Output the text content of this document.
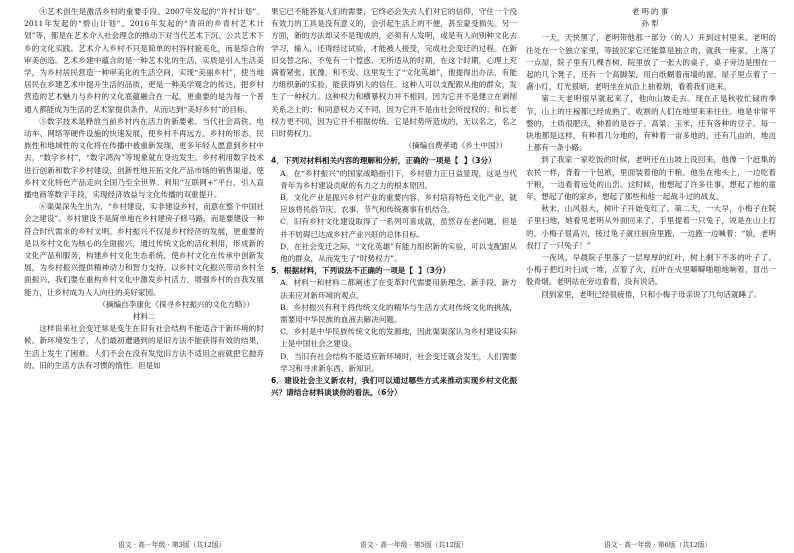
④艺术创生是激活乡村的重要手段。2007年发起的“许村计划”、2011年发起的“碧山计划”、2016年发起的“青田的乡青村艺术计划”等，都是在艺术介入社会理念的推动下对当代艺术下沉、公共艺术下乡的文化实践。艺术介入乡村不只是简单的村容村貌美化，而是综合的审美创造。艺术乡建中蕴含的是一种艺术化的生活，实质是引入生活美学，为乡村居民营造一种审美化的生活空间，实现“美丽乡村”，使当地居民在乡建艺术中提升生活的品质，更是一种美学观念的传达，把乡村营造的艺术魅力与乡村的文化底蕴融合在一起，更重要的是为每一个普通人都能成为生活的艺术家提供条件，从而达到“美好乡村”的目标。

⑤数字技术是释放当前乡村内在活力的新要素。当代社会高铁、电动车、网络等硬件设施的快速发展，使乡村不再远方。乡村的形态，民族性和地域性的文化将在传播中被重新发现，更多年轻人愿意到乡村中去，“数字乡村”，“数字鸿沟”等现象就在身边发生。乡村利用数字技术进行创新和数字乡村建设，创新性地开拓文化产品市场的销售渠道，使乡村文化特色产品走向全国乃至全世界。利用“互联网+”平台，引入直播电商等数字手段，实现经济效益与文化传播的双重提升。

⑥渠渠深失生出为，“乡村建设，实非建设乡村，而意在整个中国社会之建设”。乡村建设不是简单地在乡村建房子修马路，而是要建设一种符合时代需求的乡村文明。乡村振兴不仅是乡村经济的发展，更重要的是以乡村文化为核心的全面振兴，通过传统文化的活化利用，形成新的文化产品和服务，构建乡村文化生态系统，使乡村文化在传承中创新发展，为乡村振兴提供精神动力和智力支持。以乡村文化振兴带动乡村全面振兴，我们要在重构乡村文化中激发乡村活力，增强乡村的自我发展能力，让乡村成为人人向往的美好家园。

（摘编自李康化《探寻乡村振兴的文化方略》）

材料二

这样说来社会变迁常是变生在旧有社会结构不能适合于新环境的时候。新环境发生了，人们最初遭遇到的是旧方法不能获得有效的结果，生活上发生了困难。人们不会在没有发觉旧方法不适用之前就把它抛弃的。旧的生活方法有习惯的惰性。但是如

果它已不能答复人们的需要，它终必会失去人们对它的信仰，守住一个没有效力的工具是没有意义的，会引起生活上的不便，甚至蒙受损失。另一方面，新的方法却又不是现成的，必须有人发明，或是有人向别种文化去学习，输入，还得经过试验，才能被人接受，完成社会变迁的过程。在新旧交替之际，不免有一个惶惑、无所适从的时期，在这个时期，心理上充满着紧张、犹豫，和不安。这里发生了“文化英雄”，他提得出办法，有能力组织新的实验，能获得别人的信任。这种人可以支配跟从他的群众，发生了一种权力。这种权力和横暴权力并不相同，因为它并不是建立在剥削关系之上的；和同意权力又不同，因为它并不是由社会所授权的；和长老权力更不同，因为它并不根据传统。它是时势所造成的，无以名之，名之曰时势权力。

（摘编自费孝通《乡土中国》）

4．下列对材料相关内容的理解和分析，正确的一项是【  】（3分）

A．在“乡村振兴”的国家战略指引下，乡村借力正日益显现，这是当代青年为乡村建设贡献的有力之力的根本原因。

B．文化产业是振兴乡村产业的重要内容，乡村培育特色文化产业，就应该将民俗节庆、农事、节气和传统赛事有机结合。

C．旧有乡村文化建设取得了一系列可喜成就，虽然存在老问题，但是并不妨碍已达成乡村产业兴旺的总体目标。

D．在社会变迁之际，“文化英雄”有能力组织新的实验，可以支配跟从他的群众，从而发生了“时势权力”。

5．根据材料，下列说法不正确的一项是【  】（3分）

A．材料一和材料二都阐述了在变革时代需要用新理念、新手段、新方法来应对新环境的观点。

B．乡村振兴有利于将传统文化的精华与生活方式对传统文化的挑战，需要用中华民族的血液去解决问题。

C．乡村是中华民族传统文化的发源地，因此渠渠深认为乡村建设实际上是中国社会之建设。

D．当旧有社会结构不能适应新环境时，社会变迁就会发生，人们需要学习和寻求新东西、新知识。

6．建设社会主义新农村，我们可以通过哪些方式来推动实现乡村文化振兴？请结合材料谈谈你的看法。（6分）

老明的事

孙犁

一天，天快黑了，老明带他那一部分（的人）开到这村里来。老明的往处在一个独立家里，等拔匠家它还能算是独立的，就我一座家，上落了一点屋，院子里有几棵杏树，院里放了一张大的桌子，桌子旁边是围在一起的几个凳子，还有一个高脚架，用白纸糊着南墙的窗。屋子里点着了一盏小灯，灯光很暗，老明坐在炕沿上抽着烟，看着我们进来。

第二天老明很早就起来了，他向山坡走去。现在正是秋收忙碌的季节，山上的庄稼都已经成熟了，收割的人们在地里来来往往。地是非常平整的，土质很肥沃，种着的是谷子、高粱、玉米，还有各种的豆子。每一块地都是这样，有种着几分地的，有种着一亩多地的，还有几亩的，地边上都有一条小路。

到了我家一家吃饭的时候，老明还在山坡上没回来，他像一个赶集的农民一样，背着一个包袱，里面装着他的干粮。他坐在地头上，一边吃着干粮，一边看着远处的山峦。这时候，他想起了许多往事，想起了他的童年，想起了他的家乡，想起了那些和他一起战斗过的战友。

秋末，山风很大，树叶子开始变红了。第二天，一大早，小梅子在院子里扫地，她看见老明从外面回来了，手里提着一只兔子，说是在山上打的。小梅子很高兴，接过兔子就往厨房里跑，一边跑一边喊着：“娘，老明叔打了一只兔子！”

一夜风，早晨院子里落了一层厚厚的红叶，树上剩下不多的叶子了。小梅子把红叶扫成一堆，点着了火，红叶在火里噼噼啪啪地响着，冒出一股青烟。老明站在旁边看着，没有说话。

回到家里，老明已经很疲倦，只和小梅子母亲说了几句话就睡了。

语文 · 高一年级 · 第3版（共12版）	语文 · 高一年级 · 第5版（共12版）	语文 · 高一年级 · 第6版（共12版）
